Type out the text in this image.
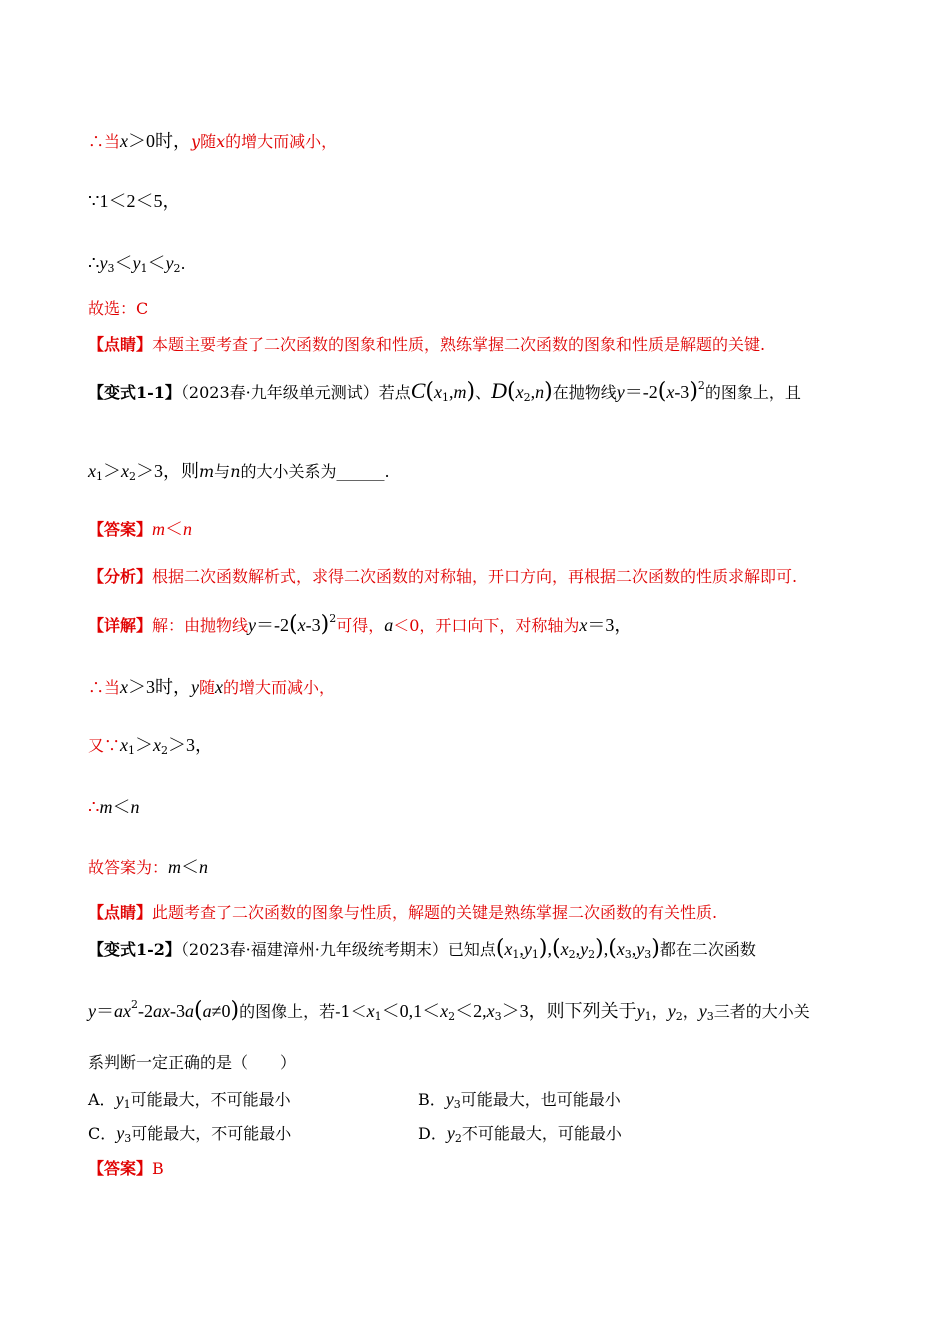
∴当x＞0时，y随x的增大而减小，
∵1＜2＜5，
$\therefore y_3<y_1<y_2$.
故选：C
【点睛】本题主要考查了二次函数的图象和性质，熟练掌握二次函数的图象和性质是解题的关键.
【变式1-1】（2023春·九年级单元测试）若点$C(x_1,m)$、$D(x_2,n)$在抛物线$y=-2(x-3)^2$的图象上，且
$x_1>x_2>3$，则m与n的大小关系为______.
【答案】m＜n
【分析】根据二次函数解析式，求得二次函数的对称轴，开口方向，再根据二次函数的性质求解即可.
【详解】解：由抛物线$y=-2(x-3)^2$可得，a＜0，开口向下，对称轴为x＝3，
∴当x＞3时，y随x的增大而减小，
又$\because x_1>x_2>3$，
∴m＜n
故答案为：m＜n
【点睛】此题考查了二次函数的图象与性质，解题的关键是熟练掌握二次函数的有关性质.
【变式1-2】（2023春·福建漳州·九年级统考期末）已知点$(x_1,y_1),(x_2,y_2),(x_3,y_3)$都在二次函数
$y=ax^2-2ax-3a(a\ne 0)$的图像上，若$-1<x_1<0,1<x_2<2,x_3>3$，则下列关于$y_1$，$y_2$，$y_3$三者的大小关
系判断一定正确的是（　　）
A．$y_1$可能最大，不可能最小	B．$y_3$可能最大，也可能最小
C．$y_3$可能最大，不可能最小	D．$y_2$不可能最大，可能最小
【答案】B
